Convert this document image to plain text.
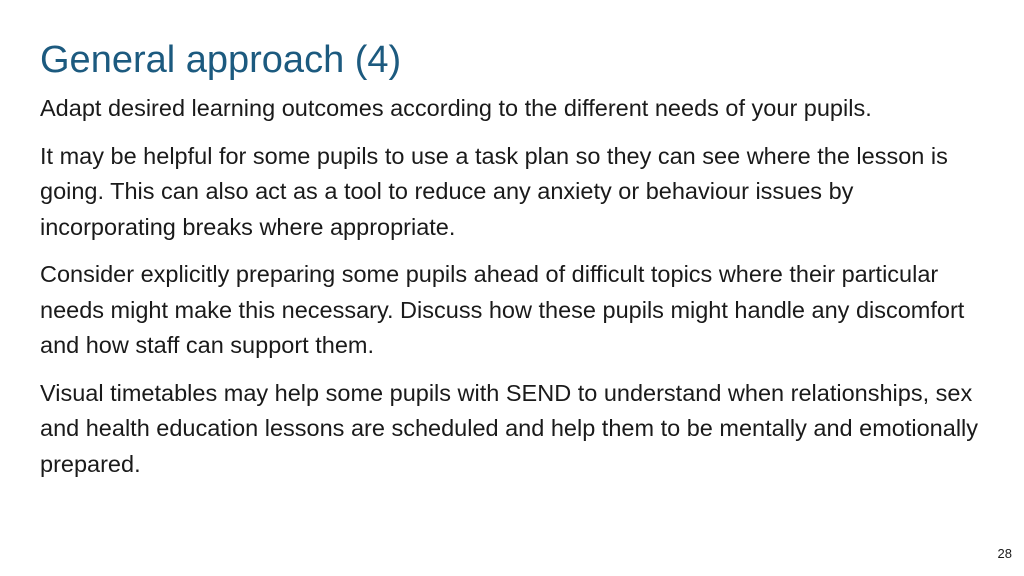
General approach (4)

Adapt desired learning outcomes according to the different needs of your pupils.

It may be helpful for some pupils to use a task plan so they can see where the lesson is going. This can also act as a tool to reduce any anxiety or behaviour issues by incorporating breaks where appropriate.

Consider explicitly preparing some pupils ahead of difficult topics where their particular needs might make this necessary. Discuss how these pupils might handle any discomfort and how staff can support them.

Visual timetables may help some pupils with SEND to understand when relationships, sex and health education lessons are scheduled and help them to be mentally and emotionally prepared.

28
